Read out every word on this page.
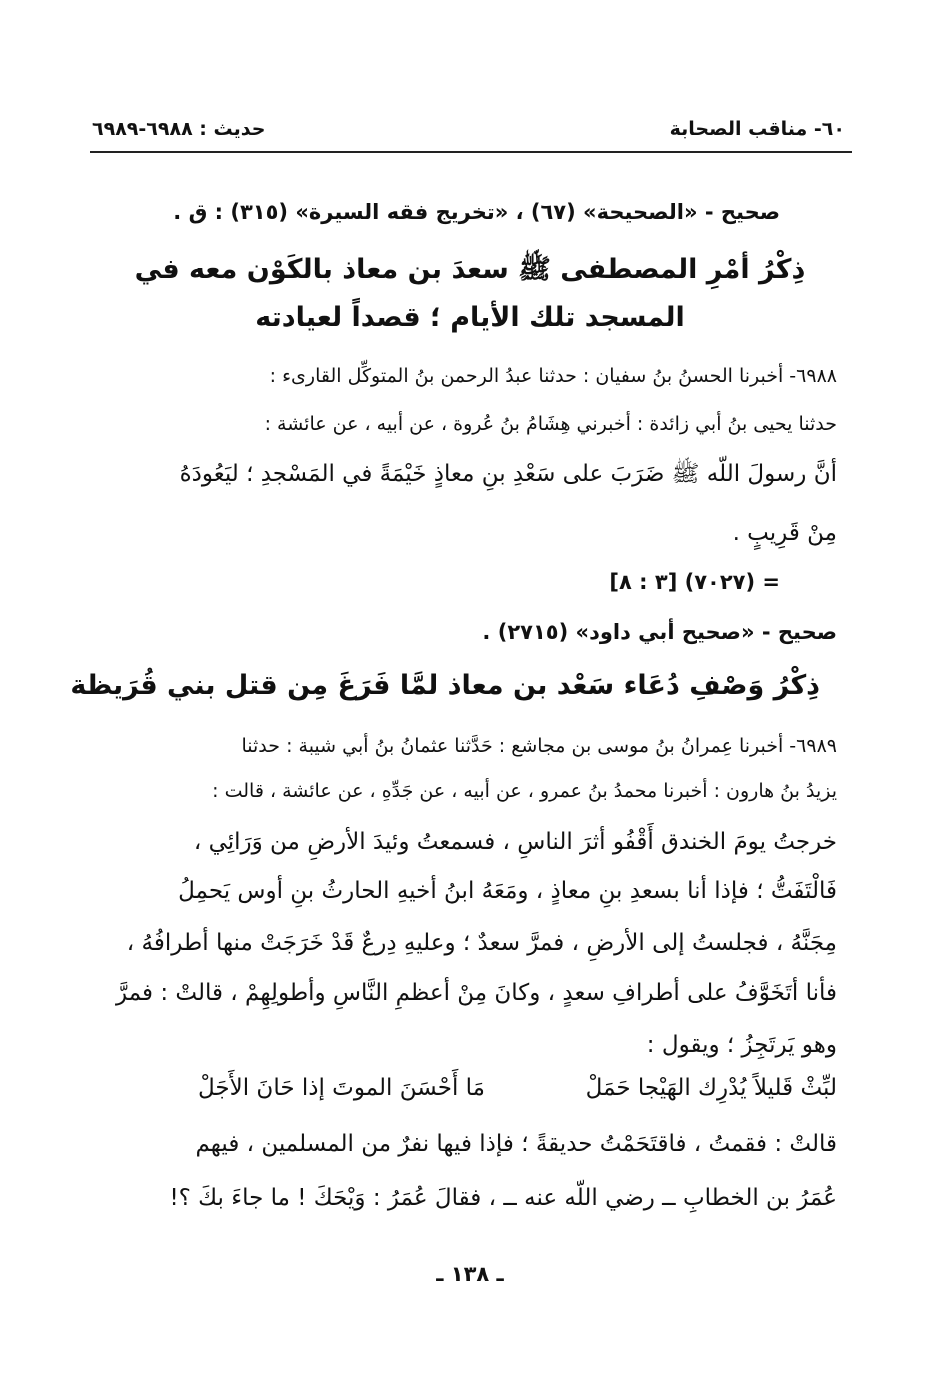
٦٠- مناقب الصحابة
حديث : ٦٩٨٨-٦٩٨٩
صحيح - «الصحيحة» (٦٧) ، «تخريج فقه السيرة» (٣١٥) : ق .
ذِكْرُ أمْرِ المصطفى ﷺ سعدَ بن معاذ بالكَوْن معه في
المسجد تلك الأيام ؛ قصداً لعيادته
٦٩٨٨- أخبرنا الحسنُ بنُ سفيان : حدثنا عبدُ الرحمن بنُ المتوكِّل القارىء :
حدثنا يحيى بنُ أبي زائدة : أخبرني هِشَامُ بنُ عُروة ، عن أبيه ، عن عائشة :
أنَّ رسولَ اللّه ﷺ ضَرَبَ على سَعْدِ بنِ معاذٍ خَيْمَةً في المَسْجدِ ؛ ليَعُودَهُ
مِنْ قَرِيبٍ .
= (٧٠٢٧) [٣ : ٨]
صحيح - «صحيح أبي داود» (٢٧١٥) .
ذِكْرُ وَصْفِ دُعَاء سَعْد بن معاذ لمَّا فَرَغَ مِن قتل بني قُرَيظة
٦٩٨٩- أخبرنا عِمرانُ بنُ موسى بن مجاشع : حَدَّثنا عثمانُ بنُ أبي شيبة : حدثنا
يزيدُ بنُ هارون : أخبرنا محمدُ بنُ عمرو ، عن أبيه ، عن جَدِّهِ ، عن عائشة ، قالت :
خرجتُ يومَ الخندق أَقْفُو أثرَ الناسِ ، فسمعتُ وئيدَ الأرضِ من وَرَائِي ،
فَالْتَفَتُّ ؛ فإذا أنا بسعدِ بنِ معاذٍ ، ومَعَهُ ابنُ أخيهِ الحارثُ بنِ أوس يَحمِلُ
مِجَنَّهُ ، فجلستُ إلى الأرضِ ، فمرَّ سعدٌ ؛ وعليهِ دِرعٌ قَدْ خَرَجَتْ منها أطرافُهُ ،
فأنا أتَخَوَّفُ على أطرافِ سعدٍ ، وكانَ مِنْ أعظمِ النَّاسِ وأطولِهِمْ ، قالتْ : فمرَّ
وهو يَرتَجِزُ ؛ ويقول :
لبِّثْ قَليلاً يُدْرِك الهَيْجا حَمَلْ
مَا أَحْسَنَ الموتَ إذا حَانَ الأَجَلْ
قالتْ : فقمتُ ، فاقتَحَمْتُ حديقةً ؛ فإذا فيها نفرٌ من المسلمين ، فيهم
عُمَرُ بن الخطابِ ــ رضي اللّه عنه ــ ، فقالَ عُمَرُ : وَيْحَكَ ! ما جاءَ بكَ ؟!
ـ ١٣٨ ـ
